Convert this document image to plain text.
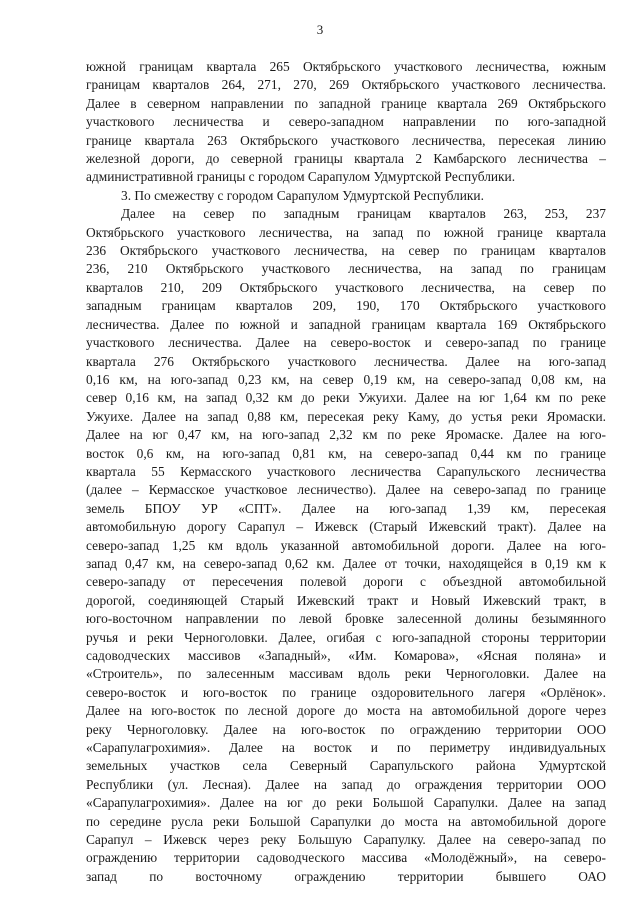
3

южной границам квартала 265 Октябрьского участкового лесничества, южным

границам кварталов 264, 271, 270, 269 Октябрьского участкового лесничества.

Далее в северном направлении по западной границе квартала 269 Октябрьского

участкового лесничества и северо-западном направлении по юго-западной

границе квартала 263 Октябрьского участкового лесничества, пересекая линию

железной дороги, до северной границы квартала 2 Камбарского лесничества –

административной границы с городом Сарапулом Удмуртской Республики.

3. По смежеству с городом Сарапулом Удмуртской Республики.

Далее на север по западным границам кварталов 263, 253, 237

Октябрьского участкового лесничества, на запад по южной границе квартала

236 Октябрьского участкового лесничества, на север по границам кварталов

236, 210 Октябрьского участкового лесничества, на запад по границам

кварталов 210, 209 Октябрьского участкового лесничества, на север по

западным границам кварталов 209, 190, 170 Октябрьского участкового

лесничества. Далее по южной и западной границам квартала 169 Октябрьского

участкового лесничества. Далее на северо-восток и северо-запад по границе

квартала 276 Октябрьского участкового лесничества. Далее на юго-запад

0,16 км, на юго-запад 0,23 км, на север 0,19 км, на северо-запад 0,08 км, на

север 0,16 км, на запад 0,32 км до реки Ужуихи. Далее на юг 1,64 км по реке

Ужуихе. Далее на запад 0,88 км, пересекая реку Каму, до устья реки Яромаски.

Далее на юг 0,47 км, на юго-запад 2,32 км по реке Яромаске. Далее на юго-

восток 0,6 км, на юго-запад 0,81 км, на северо-запад 0,44 км по границе

квартала 55 Кермасского участкового лесничества Сарапульского лесничества

(далее – Кермасское участковое лесничество). Далее на северо-запад по границе

земель БПОУ УР «СПТ». Далее на юго-запад 1,39 км, пересекая

автомобильную дорогу Сарапул – Ижевск (Старый Ижевский тракт). Далее на

северо-запад 1,25 км вдоль указанной автомобильной дороги. Далее на юго-

запад 0,47 км, на северо-запад 0,62 км. Далее от точки, находящейся в 0,19 км к

северо-западу от пересечения полевой дороги с объездной автомобильной

дорогой, соединяющей Старый Ижевский тракт и Новый Ижевский тракт, в

юго-восточном направлении по левой бровке залесенной долины безымянного

ручья и реки Черноголовки. Далее, огибая с юго-западной стороны территории

садоводческих массивов «Западный», «Им. Комарова», «Ясная поляна» и

«Строитель», по залесенным массивам вдоль реки Черноголовки. Далее на

северо-восток и юго-восток по границе оздоровительного лагеря «Орлёнок».

Далее на юго-восток по лесной дороге до моста на автомобильной дороге через

реку Черноголовку. Далее на юго-восток по ограждению территории ООО

«Сарапулагрохимия». Далее на восток и по периметру индивидуальных

земельных участков села Северный Сарапульского района Удмуртской

Республики (ул. Лесная). Далее на запад до ограждения территории ООО

«Сарапулагрохимия». Далее на юг до реки Большой Сарапулки. Далее на запад

по середине русла реки Большой Сарапулки до моста на автомобильной дороге

Сарапул – Ижевск через реку Большую Сарапулку. Далее на северо-запад по

ограждению территории садоводческого массива «Молодёжный», на северо-

запад по восточному ограждению территории бывшего ОАО
